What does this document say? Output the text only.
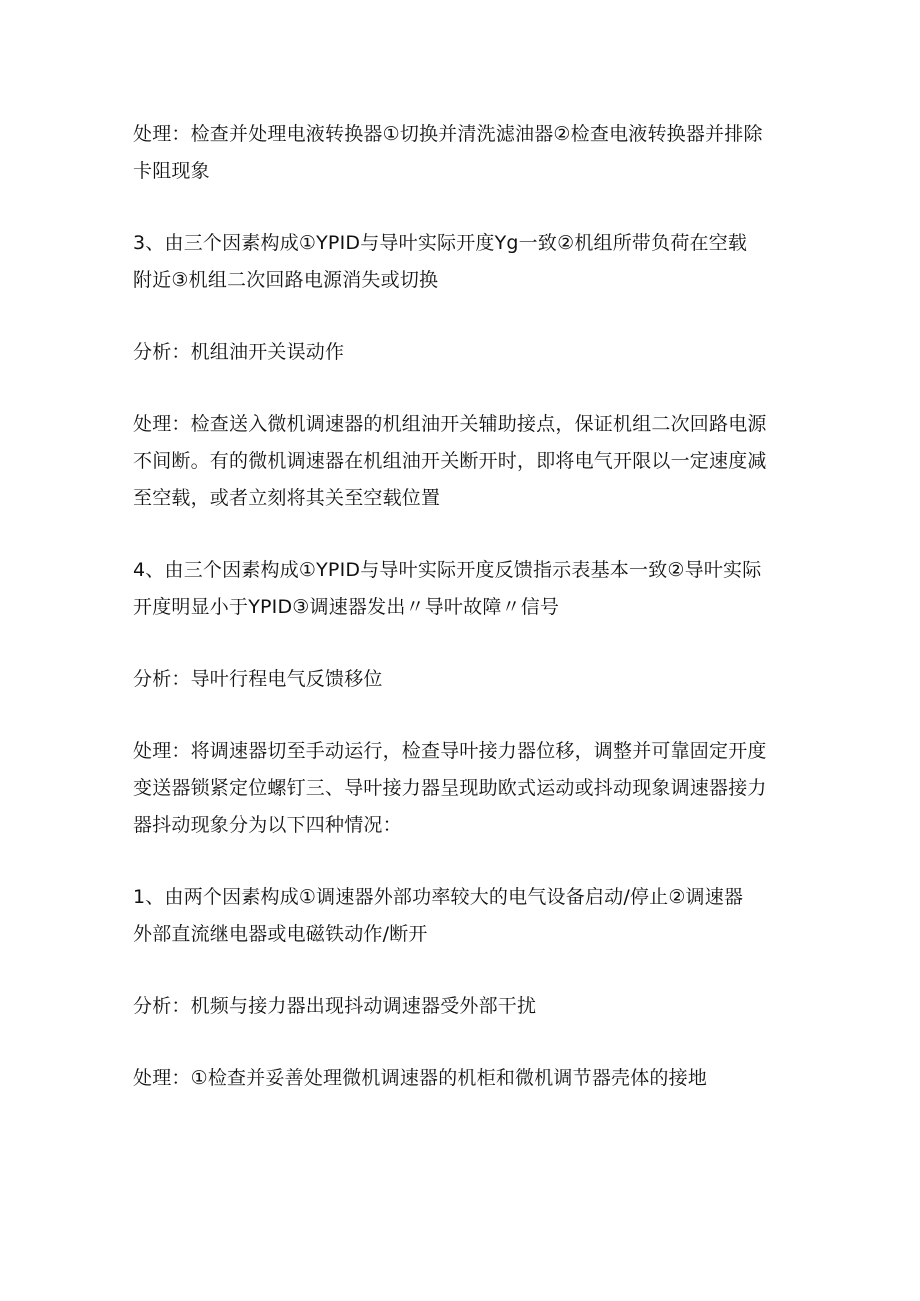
处理：检查并处理电液转换器①切换并清洗滤油器②检查电液转换器并排除
卡阻现象

3、由三个因素构成①YPID与导叶实际开度Yg一致②机组所带负荷在空载
附近③机组二次回路电源消失或切换

分析：机组油开关误动作

处理：检查送入微机调速器的机组油开关辅助接点，保证机组二次回路电源
不间断。有的微机调速器在机组油开关断开时，即将电气开限以一定速度减
至空载，或者立刻将其关至空载位置

4、由三个因素构成①YPID与导叶实际开度反馈指示表基本一致②导叶实际
开度明显小于YPID③调速器发出〃导叶故障〃信号

分析：导叶行程电气反馈移位

处理：将调速器切至手动运行，检查导叶接力器位移，调整并可靠固定开度
变送器锁紧定位螺钉三、导叶接力器呈现助欧式运动或抖动现象调速器接力
器抖动现象分为以下四种情况：

1、由两个因素构成①调速器外部功率较大的电气设备启动/停止②调速器
外部直流继电器或电磁铁动作/断开

分析：机频与接力器出现抖动调速器受外部干扰

处理：①检查并妥善处理微机调速器的机柜和微机调节器壳体的接地
